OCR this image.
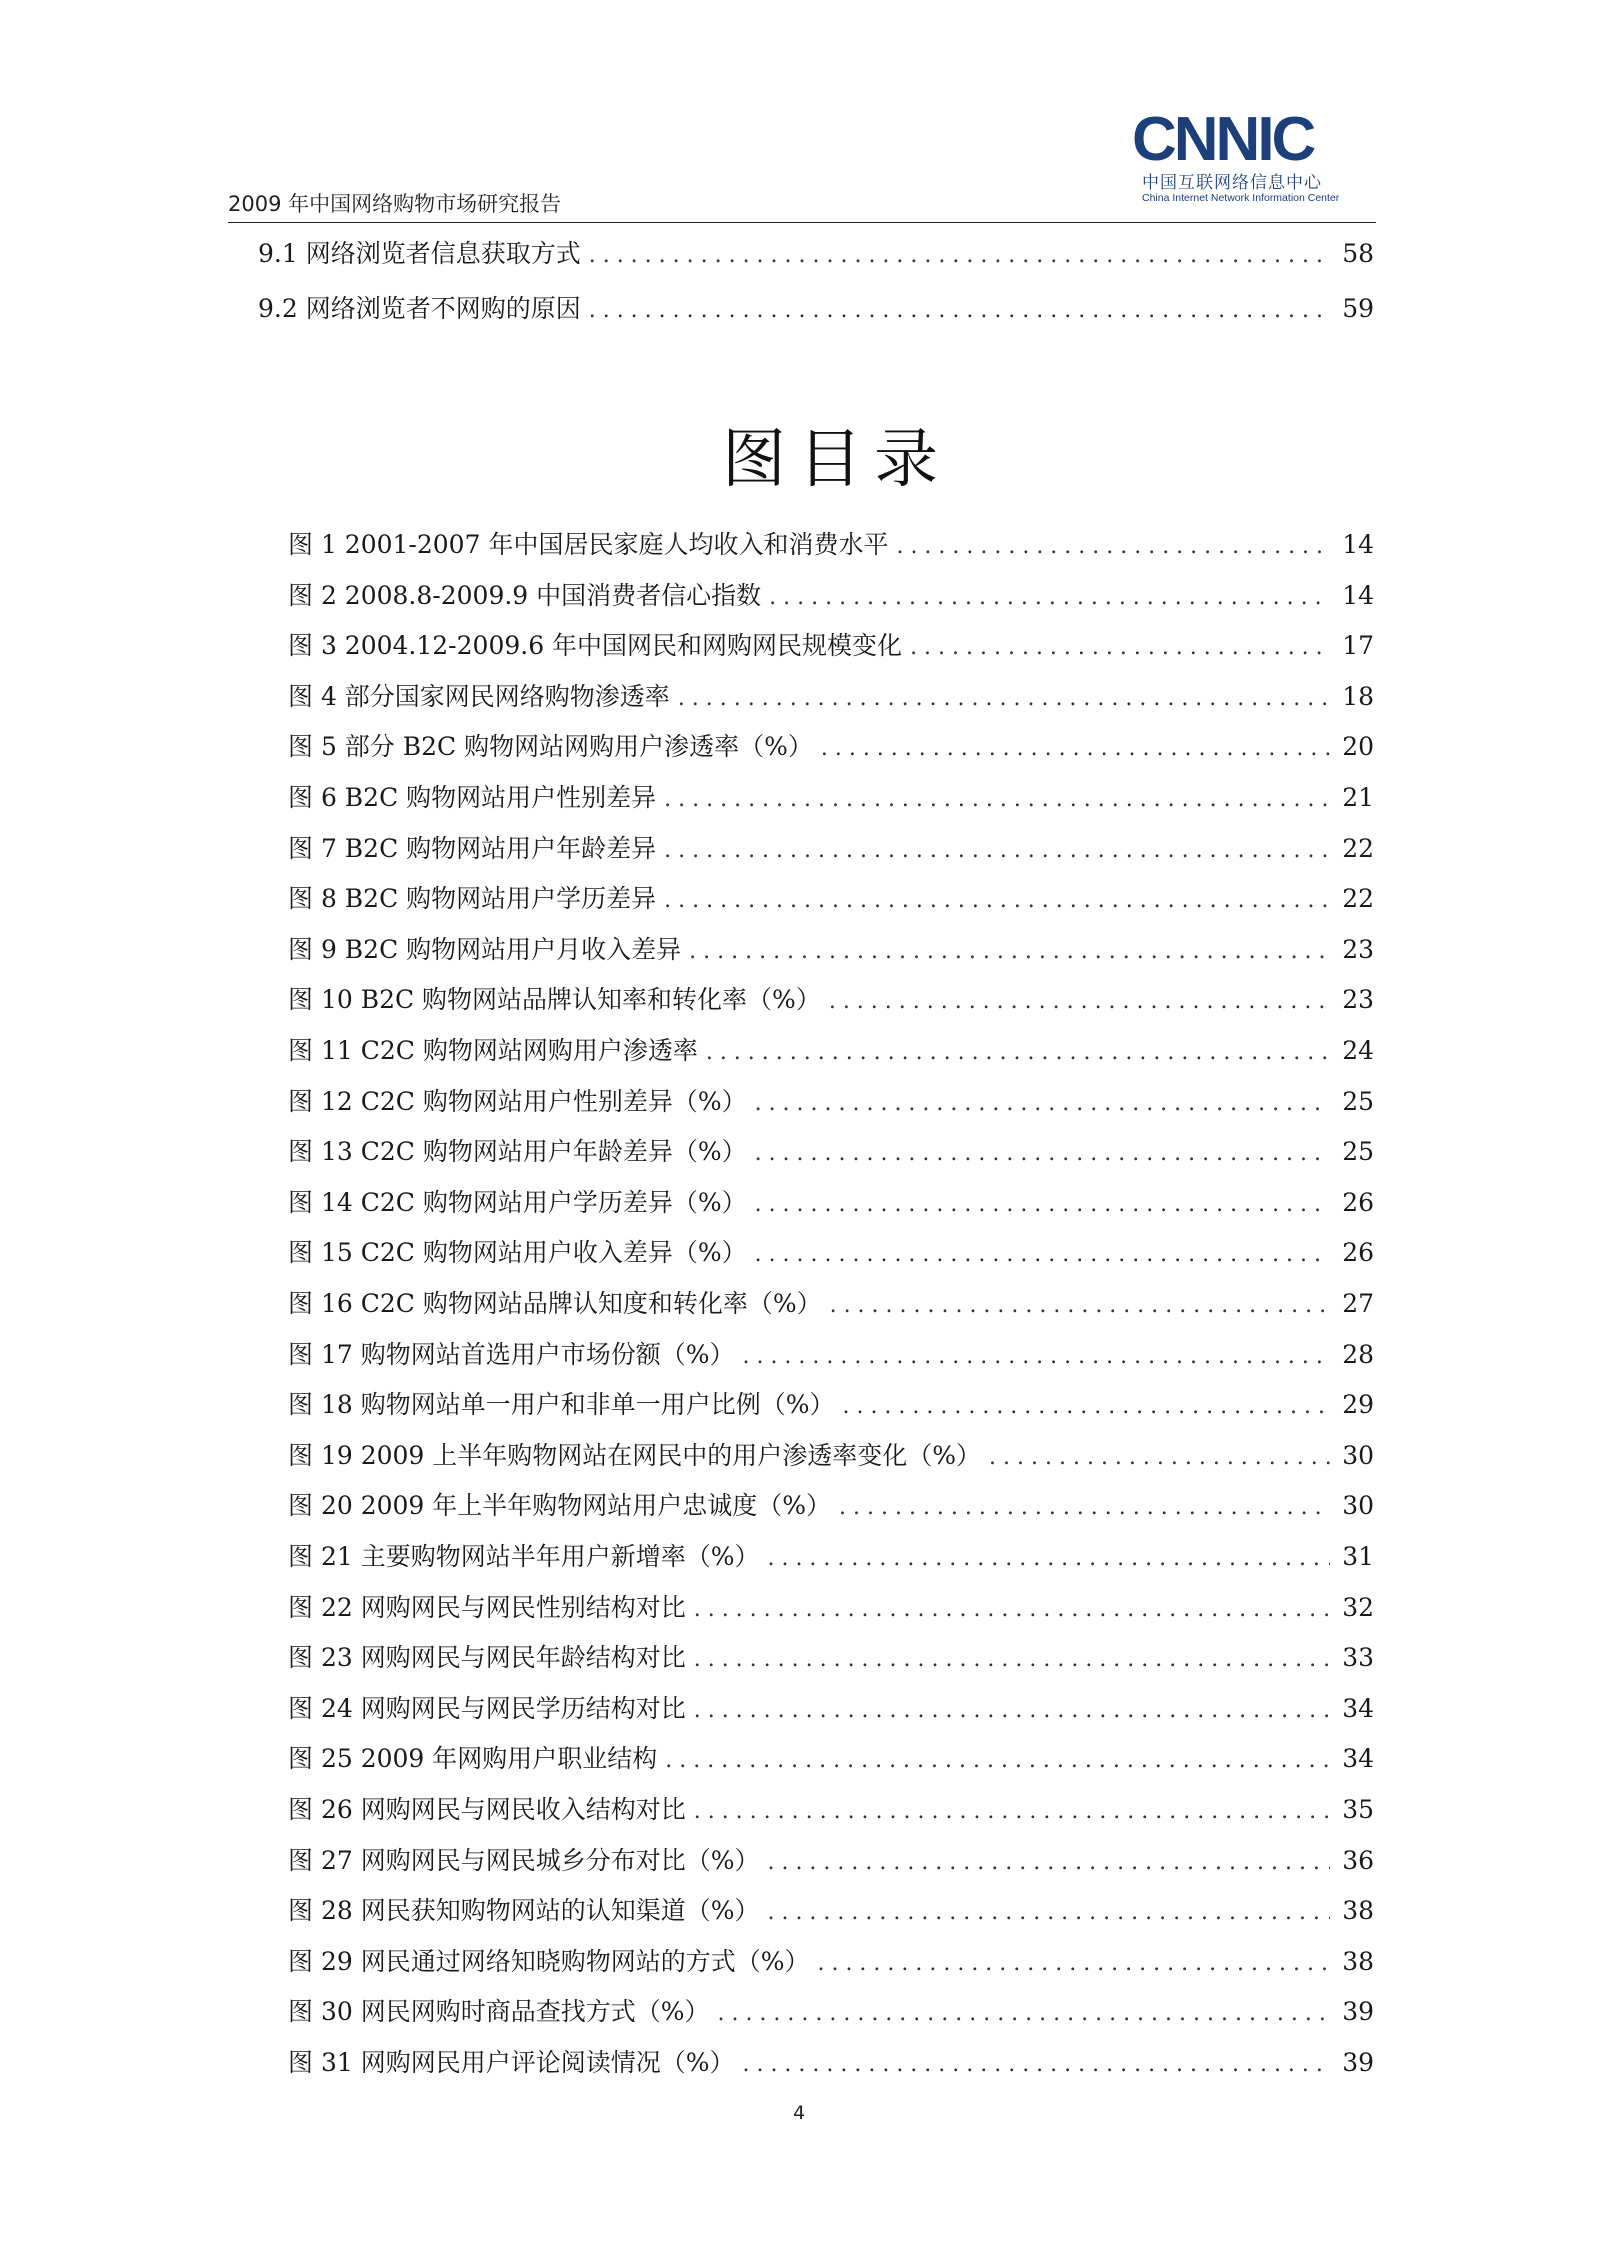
2009 年中国网络购物市场研究报告
CNNIC
中国互联网络信息中心
China Internet Network Information Center
9.1 网络浏览者信息获取方式 . . .	58
9.2 网络浏览者不网购的原因 . . .	59
图目录
图 1 2001-2007 年中国居民家庭人均收入和消费水平 . . .	14
图 2 2008.8-2009.9 中国消费者信心指数 . . .	14
图 3 2004.12-2009.6 年中国网民和网购网民规模变化 . . .	17
图 4 部分国家网民网络购物渗透率 . . .	18
图 5 部分 B2C 购物网站网购用户渗透率（%） . . .	20
图 6 B2C 购物网站用户性别差异 . . .	21
图 7 B2C 购物网站用户年龄差异 . . .	22
图 8 B2C 购物网站用户学历差异 . . .	22
图 9 B2C 购物网站用户月收入差异 . . .	23
图 10 B2C 购物网站品牌认知率和转化率（%） . . .	23
图 11 C2C 购物网站网购用户渗透率 . . .	24
图 12 C2C 购物网站用户性别差异（%） . . .	25
图 13 C2C 购物网站用户年龄差异（%） . . .	25
图 14 C2C 购物网站用户学历差异（%） . . .	26
图 15 C2C 购物网站用户收入差异（%） . . .	26
图 16 C2C 购物网站品牌认知度和转化率（%） . . .	27
图 17 购物网站首选用户市场份额（%） . . .	28
图 18 购物网站单一用户和非单一用户比例（%） . . .	29
图 19 2009 上半年购物网站在网民中的用户渗透率变化（%） . . .	30
图 20 2009 年上半年购物网站用户忠诚度（%） . . .	30
图 21 主要购物网站半年用户新增率（%） . . .	31
图 22 网购网民与网民性别结构对比 . . .	32
图 23 网购网民与网民年龄结构对比 . . .	33
图 24 网购网民与网民学历结构对比 . . .	34
图 25 2009 年网购用户职业结构 . . .	34
图 26 网购网民与网民收入结构对比 . . .	35
图 27 网购网民与网民城乡分布对比（%） . . .	36
图 28 网民获知购物网站的认知渠道（%） . . .	38
图 29 网民通过网络知晓购物网站的方式（%） . . .	38
图 30 网民网购时商品查找方式（%） . . .	39
图 31 网购网民用户评论阅读情况（%） . . .	39
4
